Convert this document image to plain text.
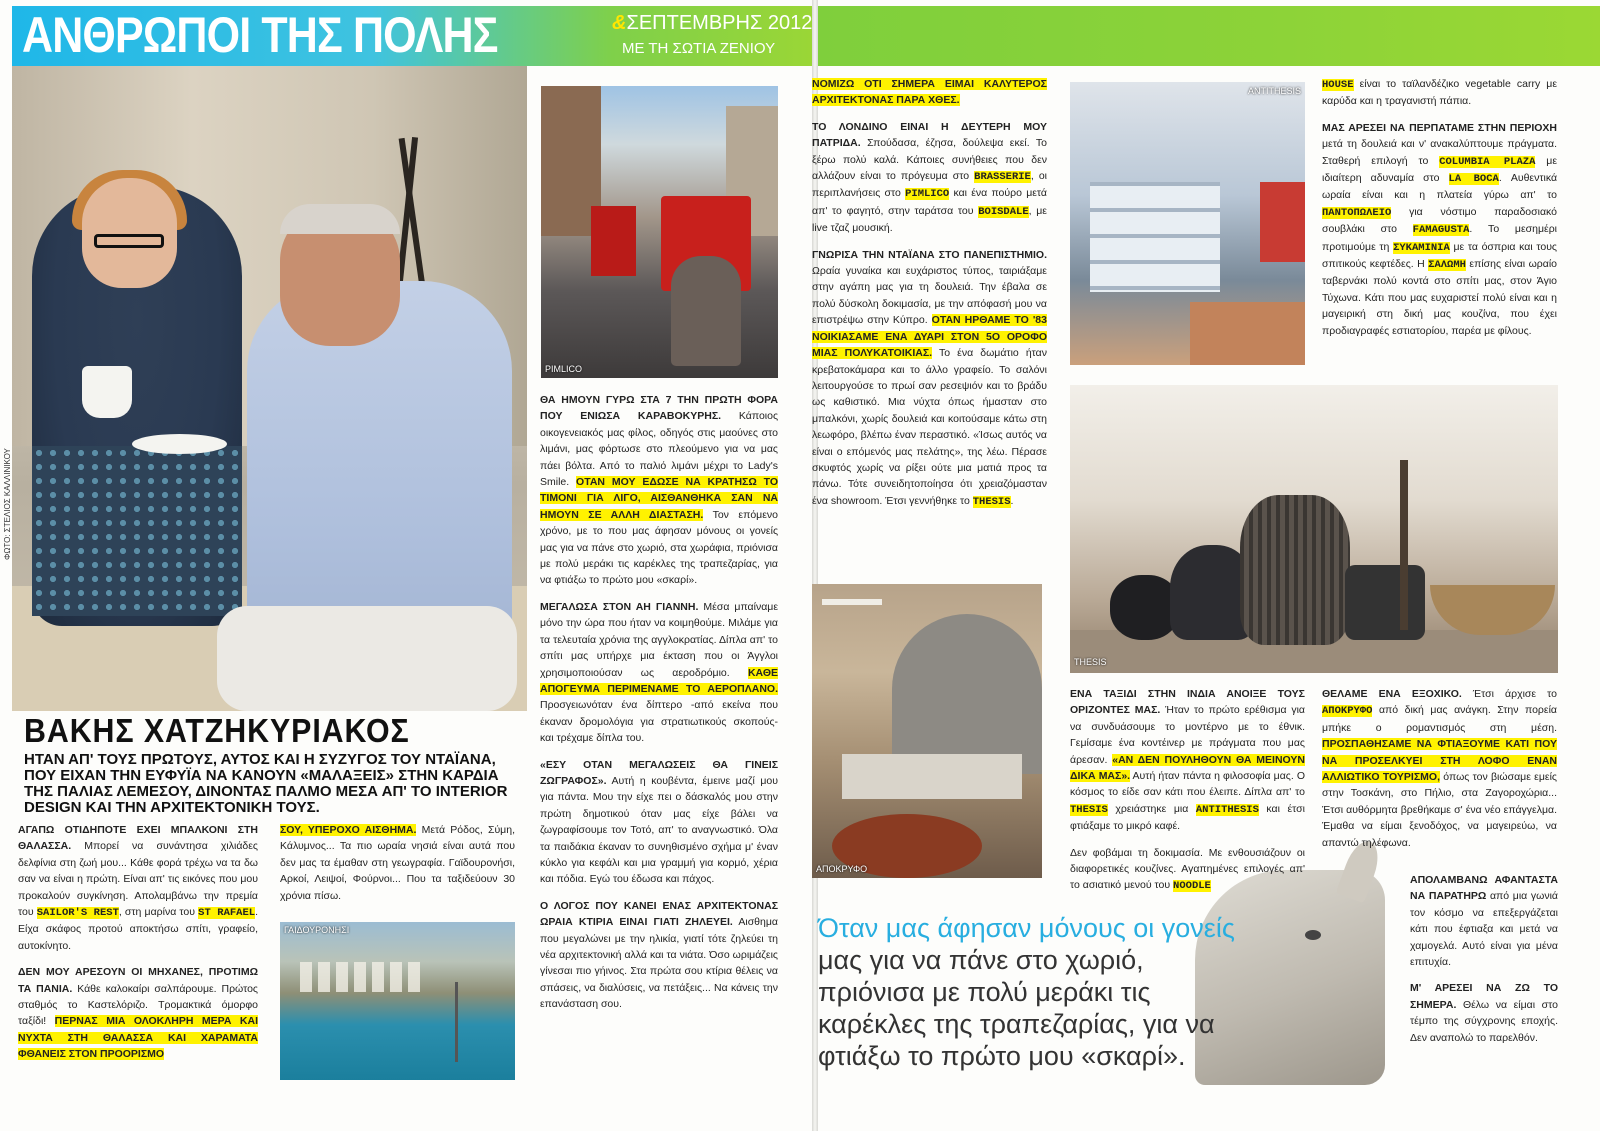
ΑΝΘΡΩΠΟΙ ΤΗΣ ΠΟΛΗΣ	&ΣΕΠΤΕΜΒΡΗΣ 2012
ΜΕ ΤΗ ΣΩΤΙΑ ΖΕΝΙΟΥ
ΦΩΤΟ: ΣΤΕΛΙΟΣ ΚΑΛΛΙΝΙΚΟΥ
PIMLICO
ΓΑΙΔΟΥΡΟΝΗΣΙ
ANTITHESIS
THESIS
ΑΠΟΚΡΥΦΟ
ΒΑΚΗΣ ΧΑΤΖΗΚΥΡΙΑΚΟΣ
ΗΤΑΝ ΑΠ' ΤΟΥΣ ΠΡΩΤΟΥΣ, ΑΥΤΟΣ ΚΑΙ Η ΣΥΖΥΓΟΣ ΤΟΥ ΝΤΑΪΑΝΑ, ΠΟΥ ΕΙΧΑΝ ΤΗΝ ΕΥΦΥΪΑ ΝΑ ΚΑΝΟΥΝ «ΜΑΛΑΞΕΙΣ» ΣΤΗΝ ΚΑΡΔΙΑ ΤΗΣ ΠΑΛΙΑΣ ΛΕΜΕΣΟΥ, ΔΙΝΟΝΤΑΣ ΠΑΛΜΟ ΜΕΣΑ ΑΠ' ΤΟ INTERIOR DESIGN ΚΑΙ ΤΗΝ ΑΡΧΙΤΕΚΤΟΝΙΚΗ ΤΟΥΣ.

ΑΓΑΠΩ ΟΤΙΔΗΠΟΤΕ ΕΧΕΙ ΜΠΑΛΚΟΝΙ ΣΤΗ ΘΑΛΑΣΣΑ. Μπορεί να συνάντησα χιλιάδες δελφίνια στη ζωή μου... Κάθε φορά τρέχω να τα δω σαν να είναι η πρώτη. Είναι απ' τις εικόνες που μου προκαλούν συγκίνηση. Απολαμβάνω την πρεμία του SAILOR'S REST, στη μαρίνα του ST RAFAEL. Είχα σκάφος προτού αποκτήσω σπίτι, γραφείο, αυτοκίνητο.

ΔΕΝ ΜΟΥ ΑΡΕΣΟΥΝ ΟΙ ΜΗΧΑΝΕΣ, ΠΡΟΤΙΜΩ ΤΑ ΠΑΝΙΑ. Κάθε καλοκαίρι σαλπάρουμε. Πρώτος σταθμός το Καστελόριζο. Τρομακτικά όμορφο ταξίδι! ΠΕΡΝΑΣ ΜΙΑ ΟΛΟΚΛΗΡΗ ΜΕΡΑ ΚΑΙ ΝΥΧΤΑ ΣΤΗ ΘΑΛΑΣΣΑ ΚΑΙ ΧΑΡΑΜΑΤΑ ΦΘΑΝΕΙΣ ΣΤΟΝ ΠΡΟΟΡΙΣΜΟ

ΣΟΥ, ΥΠΕΡΟΧΟ ΑΙΣΘΗΜΑ. Μετά Ρόδος, Σύμη, Κάλυμνος... Τα πιο ωραία νησιά είναι αυτά που δεν μας τα έμαθαν στη γεωγραφία. Γαϊδουρονήσι, Αρκοί, Λειψοί, Φούρνοι... Που τα ταξιδεύουν 30 χρόνια πίσω.

ΘΑ ΗΜΟΥΝ ΓΥΡΩ ΣΤΑ 7 ΤΗΝ ΠΡΩΤΗ ΦΟΡΑ ΠΟΥ ΕΝΙΩΣΑ ΚΑΡΑΒΟΚΥΡΗΣ. Κάποιος οικογενειακός μας φίλος, οδηγός στις μαούνες στο λιμάνι, μας φόρτωσε στο πλεούμενο για να μας πάει βόλτα. Από το παλιό λιμάνι μέχρι το Lady's Smile. ΟΤΑΝ ΜΟΥ ΕΔΩΣΕ ΝΑ ΚΡΑΤΗΣΩ ΤΟ ΤΙΜΟΝΙ ΓΙΑ ΛΙΓΟ, ΑΙΣΘΑΝΘΗΚΑ ΣΑΝ ΝΑ ΗΜΟΥΝ ΣΕ ΑΛΛΗ ΔΙΑΣΤΑΣΗ. Τον επόμενο χρόνο, με το που μας άφησαν μόνους οι γονείς μας για να πάνε στο χωριό, στα χωράφια, πριόνισα με πολύ μεράκι τις καρέκλες της τραπεζαρίας, για να φτιάξω το πρώτο μου «σκαρί».

ΜΕΓΑΛΩΣΑ ΣΤΟΝ ΑΗ ΓΙΑΝΝΗ. Μέσα μπαίναμε μόνο την ώρα που ήταν να κοιμηθούμε. Μιλάμε για τα τελευταία χρόνια της αγγλοκρατίας. Δίπλα απ' το σπίτι μας υπήρχε μια έκταση που οι Άγγλοι χρησιμοποιούσαν ως αεροδρόμιο. ΚΑΘΕ ΑΠΟΓΕΥΜΑ ΠΕΡΙΜΕΝΑΜΕ ΤΟ ΑΕΡΟΠΛΑΝΟ. Προσγειωνόταν ένα δίπτερο -από εκείνα που έκαναν δρομολόγια για στρατιωτικούς σκοπούς- και τρέχαμε δίπλα του.

«ΕΣΥ ΟΤΑΝ ΜΕΓΑΛΩΣΕΙΣ ΘΑ ΓΙΝΕΙΣ ΖΩΓΡΑΦΟΣ». Αυτή η κουβέντα, έμεινε μαζί μου για πάντα. Μου την είχε πει ο δάσκαλός μου στην πρώτη δημοτικού όταν μας είχε βάλει να ζωγραφίσουμε τον Τοτό, απ' το αναγνωστικό. Όλα τα παιδάκια έκαναν το συνηθισμένο σχήμα μ' έναν κύκλο για κεφάλι και μια γραμμή για κορμό, χέρια και πόδια. Εγώ του έδωσα και πάχος.

Ο ΛΟΓΟΣ ΠΟΥ ΚΑΝΕΙ ΕΝΑΣ ΑΡΧΙΤΕΚΤΟΝΑΣ ΩΡΑΙΑ ΚΤΙΡΙΑ ΕΙΝΑΙ ΓΙΑΤΙ ΖΗΛΕΥΕΙ. Αισθημα που μεγαλώνει με την ηλικία, γιατί τότε ζηλεύει τη νέα αρχιτεκτονική αλλά και τα νιάτα. Όσο ωριμάζεις γίνεσαι πιο γήινος. Στα πρώτα σου κτίρια θέλεις να σπάσεις, να διαλύσεις, να πετάξεις... Να κάνεις την επανάσταση σου.

ΝΟΜΙΖΩ ΟΤΙ ΣΗΜΕΡΑ ΕΙΜΑΙ ΚΑΛΥΤΕΡΟΣ ΑΡΧΙΤΕΚΤΟΝΑΣ ΠΑΡΑ ΧΘΕΣ.

ΤΟ ΛΟΝΔΙΝΟ ΕΙΝΑΙ Η ΔΕΥΤΕΡΗ ΜΟΥ ΠΑΤΡΙΔΑ. Σπούδασα, έζησα, δούλεψα εκεί. Το ξέρω πολύ καλά. Κάποιες συνήθειες που δεν αλλάζουν είναι το πρόγευμα στο BRASSERIE, οι περιπλανήσεις στο PIMLICO και ένα πούρο μετά απ' το φαγητό, στην ταράτσα του BOISDALE, με live τζαζ μουσική.

ΓΝΩΡΙΣΑ ΤΗΝ ΝΤΑΪΑΝΑ ΣΤΟ ΠΑΝΕΠΙΣΤΗΜΙΟ. Ωραία γυναίκα και ευχάριστος τύπος, ταιριάξαμε στην αγάπη μας για τη δουλειά. Την έβαλα σε πολύ δύσκολη δοκιμασία, με την απόφασή μου να επιστρέψω στην Κύπρο. ΟΤΑΝ ΗΡΘΑΜΕ ΤΟ '83 ΝΟΙΚΙΑΣΑΜΕ ΕΝΑ ΔΥΑΡΙ ΣΤΟΝ 5Ο ΟΡΟΦΟ ΜΙΑΣ ΠΟΛΥΚΑΤΟΙΚΙΑΣ. Το ένα δωμάτιο ήταν κρεβατοκάμαρα και το άλλο γραφείο. Το σαλόνι λειτουργούσε το πρωί σαν ρεσεψιόν και το βράδυ ως καθιστικό. Μια νύχτα όπως ήμασταν στο μπαλκόνι, χωρίς δουλειά και κοιτούσαμε κάτω στη λεωφόρο, βλέπω έναν περαστικό. «Ίσως αυτός να είναι ο επόμενός μας πελάτης», της λέω. Πέρασε σκυφτός χωρίς να ρίξει ούτε μια ματιά προς τα πάνω. Τότε συνειδητοποίησα ότι χρειαζόμασταν ένα showroom. Έτσι γεννήθηκε το THESIS.

ΕΝΑ ΤΑΞΙΔΙ ΣΤΗΝ ΙΝΔΙΑ ΑΝΟΙΞΕ ΤΟΥΣ ΟΡΙΖΟΝΤΕΣ ΜΑΣ. Ήταν το πρώτο ερέθισμα για να συνδυάσουμε το μοντέρνο με το έθνικ. Γεμίσαμε ένα κοντέινερ με πράγματα που μας άρεσαν. «ΑΝ ΔΕΝ ΠΟΥΛΗΘΟΥΝ ΘΑ ΜΕΙΝΟΥΝ ΔΙΚΑ ΜΑΣ». Αυτή ήταν πάντα η φιλοσοφία μας. Ο κόσμος το είδε σαν κάτι που έλειπε. Δίπλα απ' το THESIS χρειάστηκε μια ANTITHESIS και έτσι φτιάξαμε το μικρό καφέ.

Δεν φοβάμαι τη δοκιμασία. Με ενθουσιάζουν οι διαφορετικές κουζίνες. Αγαπημένες επιλογές απ' το ασιατικό μενού του NOODLE

HOUSE είναι το ταϊλανδέζικο vegetable carry με καρύδα και η τραγανιστή πάπια.

ΜΑΣ ΑΡΕΣΕΙ ΝΑ ΠΕΡΠΑΤΑΜΕ ΣΤΗΝ ΠΕΡΙΟΧΗ μετά τη δουλειά και ν' ανακαλύπτουμε πράγματα. Σταθερή επιλογή το COLUMBIA PLAZA με ιδιαίτερη αδυναμία στο LA BOCA. Αυθεντικά ωραία είναι και η πλατεία γύρω απ' το ΠΑΝΤΟΠΩΛΕΙΟ για νόστιμο παραδοσιακό σουβλάκι στο FAMAGUSTA. Το μεσημέρι προτιμούμε τη ΣΥΚΑΜΙΝΙΑ με τα όσπρια και τους σπιτικούς κεφτέδες. Η ΣΑΛΩΜΗ επίσης είναι ωραίο ταβερνάκι πολύ κοντά στο σπίτι μας, στον Άγιο Τύχωνα. Κάτι που μας ευχαριστεί πολύ είναι και η μαγειρική στη δική μας κουζίνα, που έχει προδιαγραφές εστιατορίου, παρέα με φίλους.

ΘΕΛΑΜΕ ΕΝΑ ΕΞΟΧΙΚΟ. Έτσι άρχισε το ΑΠΟΚΡΥΦΟ από δική μας ανάγκη. Στην πορεία μπήκε ο ρομαντισμός στη μέση. ΠΡΟΣΠΑΘΗΣΑΜΕ ΝΑ ΦΤΙΑΞΟΥΜΕ ΚΑΤΙ ΠΟΥ ΝΑ ΠΡΟΣΕΛΚΥΕΙ ΣΤΗ ΛΟΦΟ ΕΝΑΝ ΑΛΛΙΩΤΙΚΟ ΤΟΥΡΙΣΜΟ, όπως τον βιώσαμε εμείς στην Τοσκάνη, στο Πήλιο, στα Ζαγοροχώρια... Έτσι αυθόρμητα βρεθήκαμε σ' ένα νέο επάγγελμα. Έμαθα να είμαι ξενοδόχος, να μαγειρεύω, να απαντώ τηλέφωνα.

ΑΠΟΛΑΜΒΑΝΩ ΑΦΑΝΤΑΣΤΑ ΝΑ ΠΑΡΑΤΗΡΩ από μια γωνιά τον κόσμο να επεξεργάζεται κάτι που έφτιαξα και μετά να χαμογελά. Αυτό είναι για μένα επιτυχία.

Μ' ΑΡΕΣΕΙ ΝΑ ΖΩ ΤΟ ΣΗΜΕΡΑ. Θέλω να είμαι στο τέμπο της σύγχρονης εποχής. Δεν αναπολώ το παρελθόν.

Όταν μας άφησαν μόνους οι γονείς μας για να πάνε στο χωριό, πριόνισα με πολύ μεράκι τις καρέκλες της τραπεζαρίας, για να φτιάξω το πρώτο μου «σκαρί».
